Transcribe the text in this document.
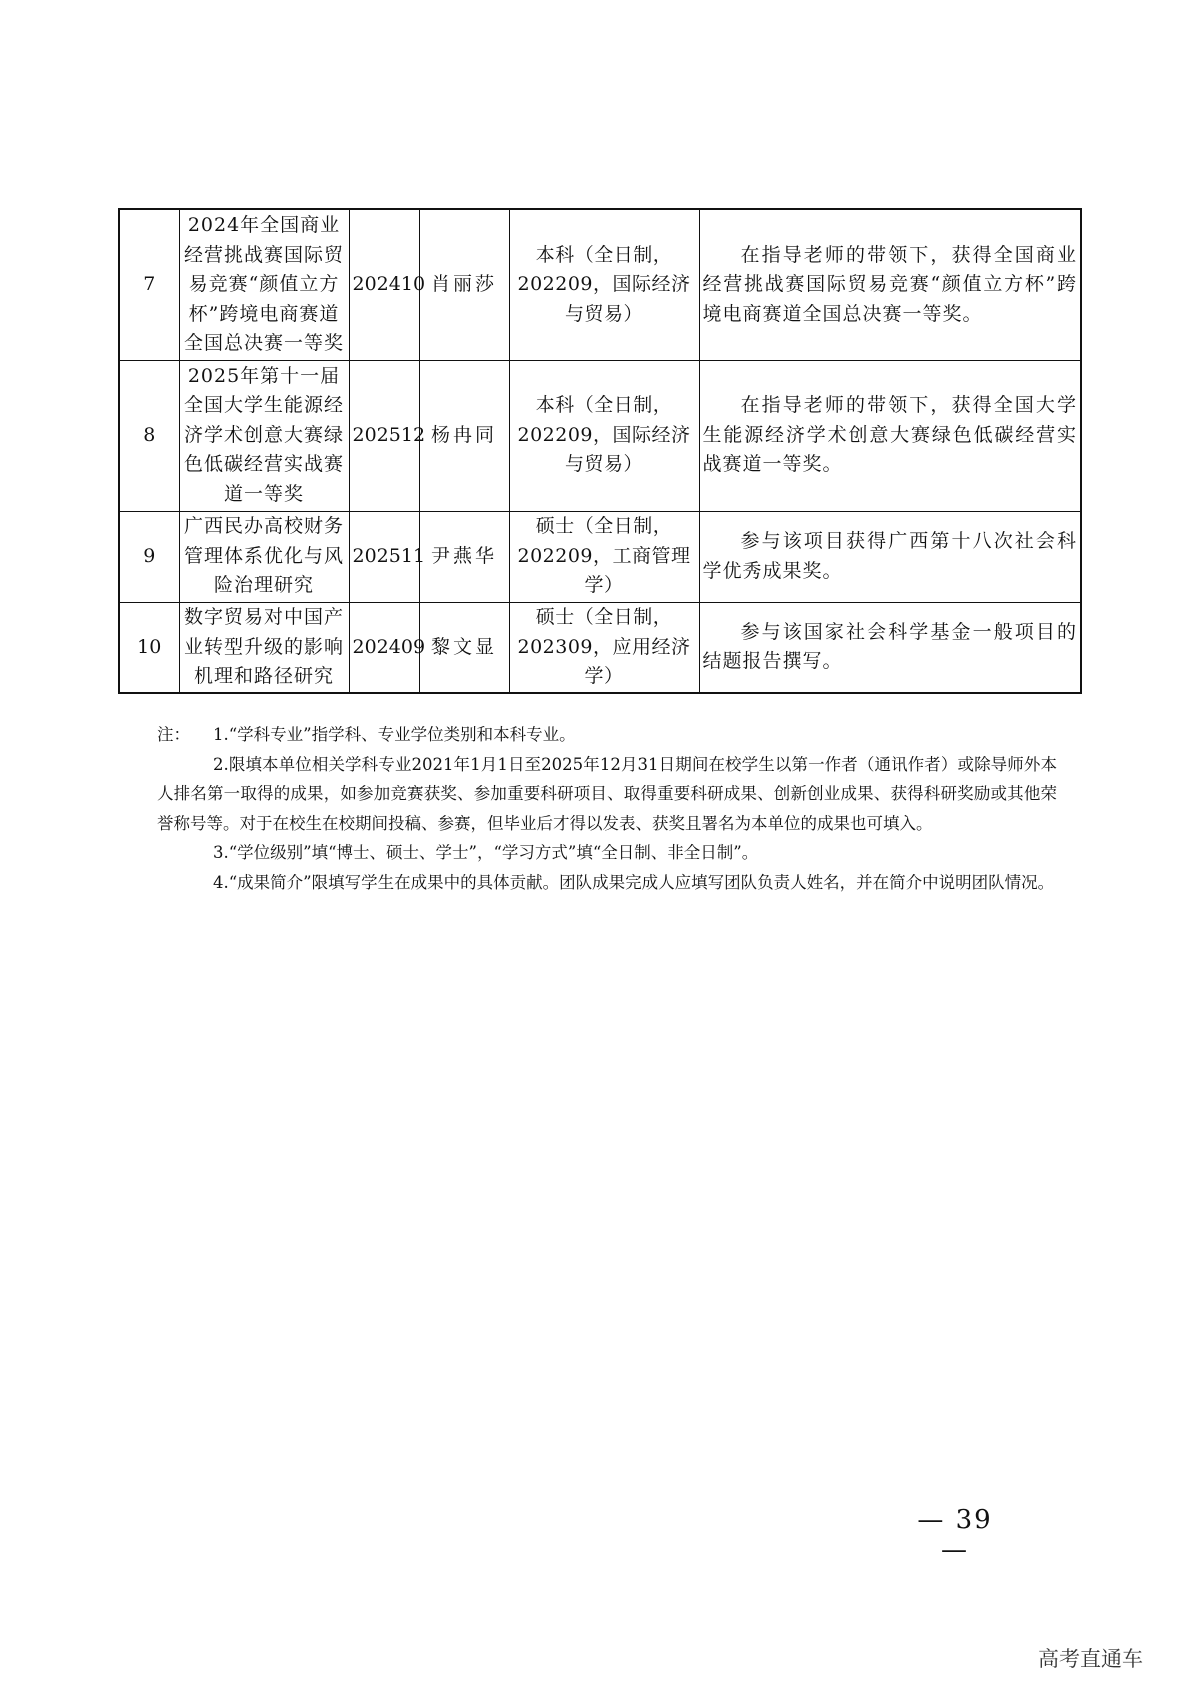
7	2024年全国商业经营挑战赛国际贸易竞赛“颜值立方杯”跨境电商赛道全国总决赛一等奖	202410	肖丽莎	本科（全日制，202209，国际经济与贸易）	在指导老师的带领下，获得全国商业经营挑战赛国际贸易竞赛“颜值立方杯”跨境电商赛道全国总决赛一等奖。

8	2025年第十一届全国大学生能源经济学术创意大赛绿色低碳经营实战赛道一等奖	202512	杨冉同	本科（全日制，202209，国际经济与贸易）	在指导老师的带领下，获得全国大学生能源经济学术创意大赛绿色低碳经营实战赛道一等奖。

9	广西民办高校财务管理体系优化与风险治理研究	202511	尹燕华	硕士（全日制，202209，工商管理学）	参与该项目获得广西第十八次社会科学优秀成果奖。

10	数字贸易对中国产业转型升级的影响机理和路径研究	202409	黎文显	硕士（全日制，202309，应用经济学）	参与该国家社会科学基金一般项目的结题报告撰写。
注： 1.“学科专业”指学科、专业学位类别和本科专业。

2.限填本单位相关学科专业2021年1月1日至2025年12月31日期间在校学生以第一作者（通讯作者）或除导师外本人排名第一取得的成果，如参加竞赛获奖、参加重要科研项目、取得重要科研成果、创新创业成果、获得科研奖励或其他荣誉称号等。对于在校生在校期间投稿、参赛，但毕业后才得以发表、获奖且署名为本单位的成果也可填入。

3.“学位级别”填“博士、硕士、学士”，“学习方式”填“全日制、非全日制”。

4.“成果简介”限填写学生在成果中的具体贡献。团队成果完成人应填写团队负责人姓名，并在简介中说明团队情况。

— 39 —
高考直通车
